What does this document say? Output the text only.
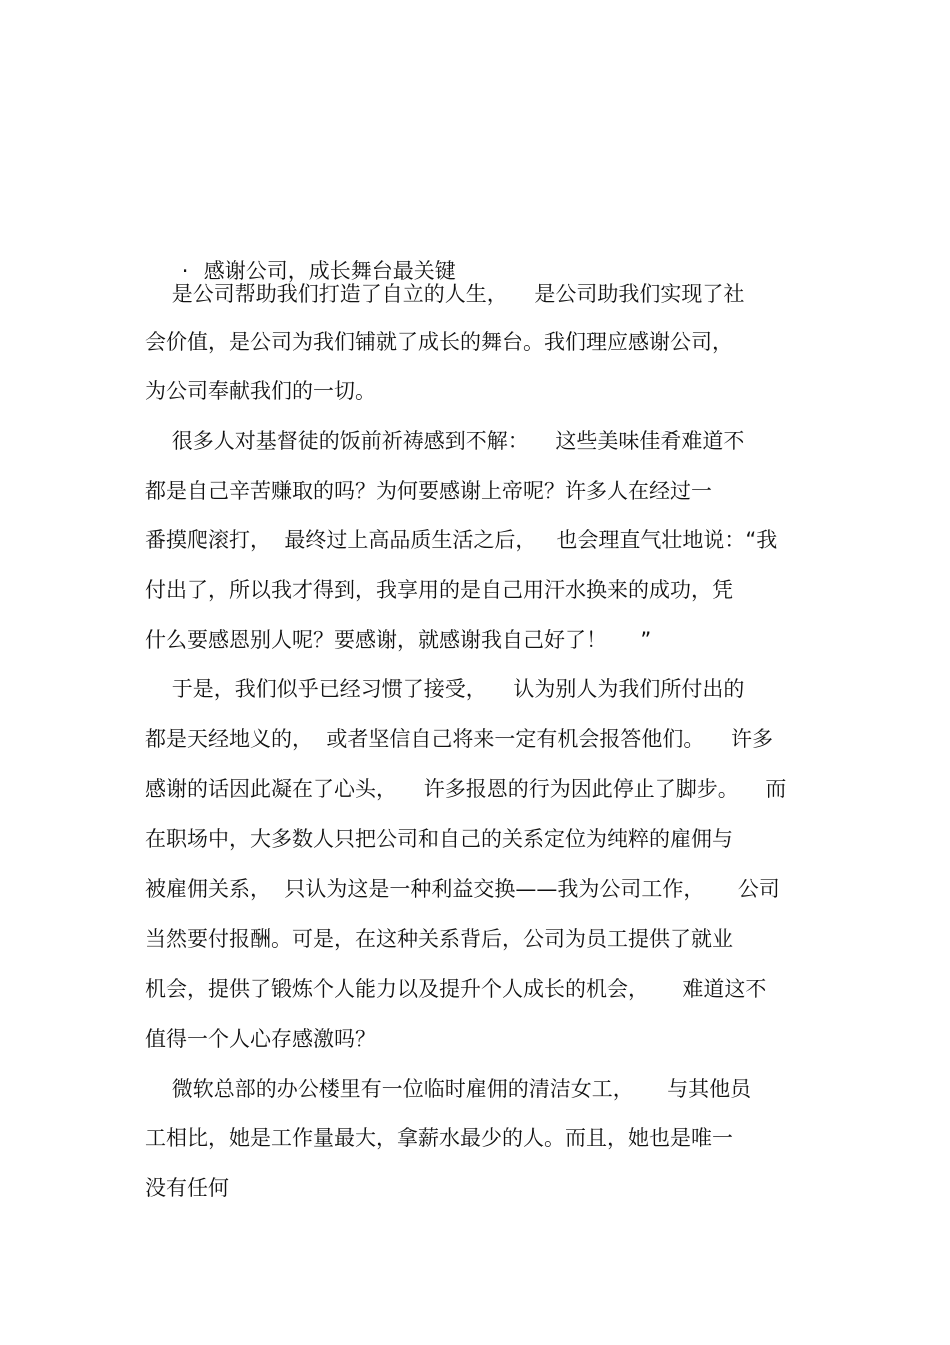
· 感谢公司，成长舞台最关键

是公司帮助我们打造了自立的人生，    是公司助我们实现了社
会价值，是公司为我们铺就了成长的舞台。我们理应感谢公司，
为公司奉献我们的一切。
很多人对基督徒的饭前祈祷感到不解：    这些美味佳肴难道不
都是自己辛苦赚取的吗？为何要感谢上帝呢？许多人在经过一
番摸爬滚打，  最终过上高品质生活之后，   也会理直气壮地说：“我
付出了，所以我才得到，我享用的是自己用汗水换来的成功，凭
什么要感恩别人呢？要感谢，就感谢我自己好了！     ”
于是，我们似乎已经习惯了接受，    认为别人为我们所付出的
都是天经地义的，  或者坚信自己将来一定有机会报答他们。    许多
感谢的话因此凝在了心头，    许多报恩的行为因此停止了脚步。    而
在职场中，大多数人只把公司和自己的关系定位为纯粹的雇佣与
被雇佣关系，  只认为这是一种利益交换——我为公司工作，     公司
当然要付报酬。可是，在这种关系背后，公司为员工提供了就业
机会，提供了锻炼个人能力以及提升个人成长的机会，     难道这不
值得一个人心存感激吗？
微软总部的办公楼里有一位临时雇佣的清洁女工，     与其他员
工相比，她是工作量最大，拿薪水最少的人。而且，她也是唯一
没有任何
